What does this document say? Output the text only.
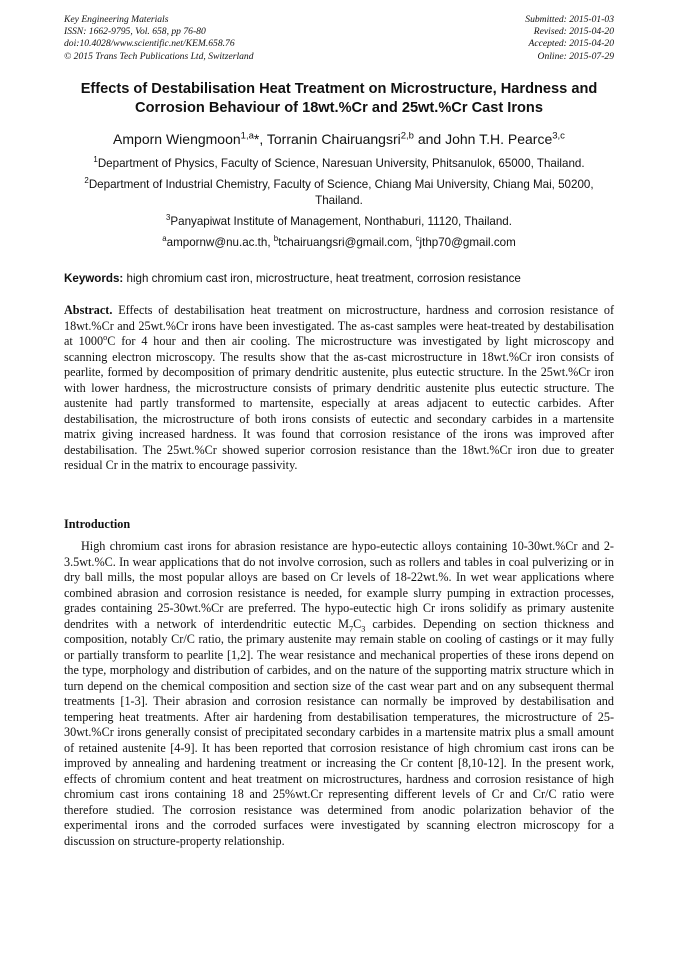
Key Engineering Materials
ISSN: 1662-9795, Vol. 658, pp 76-80
doi:10.4028/www.scientific.net/KEM.658.76
© 2015 Trans Tech Publications Ltd, Switzerland
Submitted: 2015-01-03
Revised: 2015-04-20
Accepted: 2015-04-20
Online: 2015-07-29
Effects of Destabilisation Heat Treatment on Microstructure, Hardness and Corrosion Behaviour of 18wt.%Cr and 25wt.%Cr Cast Irons
Amporn Wiengmoon$^{1,a}$*, Torranin Chairuangsri$^{2,b}$ and John T.H. Pearce$^{3,c}$
$^1$Department of Physics, Faculty of Science, Naresuan University, Phitsanulok, 65000, Thailand.
$^2$Department of Industrial Chemistry, Faculty of Science, Chiang Mai University, Chiang Mai, 50200, Thailand.
$^3$Panyapiwat Institute of Management, Nonthaburi, 11120, Thailand.
$^a$ampornw@nu.ac.th, $^b$tchairuangsri@gmail.com, $^c$jthp70@gmail.com
Keywords: high chromium cast iron, microstructure, heat treatment, corrosion resistance
Abstract. Effects of destabilisation heat treatment on microstructure, hardness and corrosion resistance of 18wt.%Cr and 25wt.%Cr irons have been investigated. The as-cast samples were heat-treated by destabilisation at 1000$^o$C for 4 hour and then air cooling. The microstructure was investigated by light microscopy and scanning electron microscopy. The results show that the as-cast microstructure in 18wt.%Cr iron consists of pearlite, formed by decomposition of primary dendritic austenite, plus eutectic structure. In the 25wt.%Cr iron with lower hardness, the microstructure consists of primary dendritic austenite plus eutectic structure. The austenite had partly transformed to martensite, especially at areas adjacent to eutectic carbides. After destabilisation, the microstructure of both irons consists of eutectic and secondary carbides in a martensite matrix giving increased hardness. It was found that corrosion resistance of the irons was improved after destabilisation. The 25wt.%Cr showed superior corrosion resistance than the 18wt.%Cr iron due to greater residual Cr in the matrix to encourage passivity.
Introduction
High chromium cast irons for abrasion resistance are hypo-eutectic alloys containing 10-30wt.%Cr and 2-3.5wt.%C. In wear applications that do not involve corrosion, such as rollers and tables in coal pulverizing or in dry ball mills, the most popular alloys are based on Cr levels of 18-22wt.%. In wet wear applications where combined abrasion and corrosion resistance is needed, for example slurry pumping in extraction processes, grades containing 25-30wt.%Cr are preferred. The hypo-eutectic high Cr irons solidify as primary austenite dendrites with a network of interdendritic eutectic $M_7C_3$ carbides. Depending on section thickness and composition, notably Cr/C ratio, the primary austenite may remain stable on cooling of castings or it may fully or partially transform to pearlite [1,2]. The wear resistance and mechanical properties of these irons depend on the type, morphology and distribution of carbides, and on the nature of the supporting matrix structure which in turn depend on the chemical composition and section size of the cast wear part and on any subsequent thermal treatments [1-3]. Their abrasion and corrosion resistance can normally be improved by destabilisation and tempering heat treatments. After air hardening from destabilisation temperatures, the microstructure of 25-30wt.%Cr irons generally consist of precipitated secondary carbides in a martensite matrix plus a small amount of retained austenite [4-9]. It has been reported that corrosion resistance of high chromium cast irons can be improved by annealing and hardening treatment or increasing the Cr content [8,10-12]. In the present work, effects of chromium content and heat treatment on microstructures, hardness and corrosion resistance of high chromium cast irons containing 18 and 25%wt.Cr representing different levels of Cr and Cr/C ratio were therefore studied. The corrosion resistance was determined from anodic polarization behavior of the experimental irons and the corroded surfaces were investigated by scanning electron microscopy for a discussion on structure-property relationship.
